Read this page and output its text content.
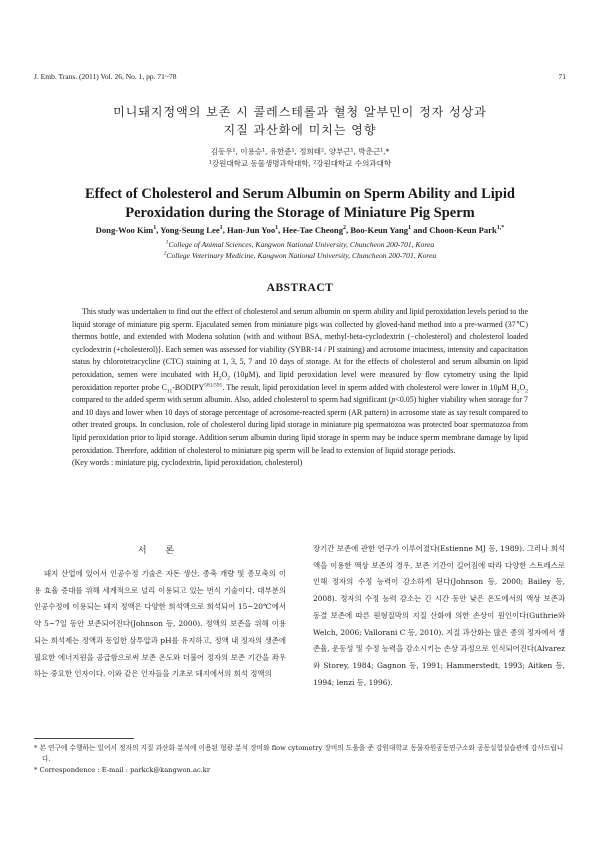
J. Emb. Trans. (2011) Vol. 26, No. 1, pp. 71~78	71
미니돼지정액의 보존 시 콜레스테롤과 혈청 알부민이 정자 성상과
지질 과산화에 미치는 영향
김동우¹, 이용승¹, 유한준¹, 정희태², 양부근¹, 박춘근¹,*
¹강원대학교 동물생명과학대학, ²강원대학교 수의과대학
Effect of Cholesterol and Serum Albumin on Sperm Ability and Lipid
Peroxidation during the Storage of Miniature Pig Sperm
Dong-Woo Kim$^1$, Yong-Seung Lee$^1$, Han-Jun Yoo$^1$, Hee-Tae Cheong$^2$, Boo-Keun Yang$^1$ and Choon-Keun Park$^{1,*}$
$^1$College of Animal Sciences, Kangwon National University, Chuncheon 200-701, Korea
$^2$College Veterinary Medicine, Kangwon National University, Chuncheon 200-701, Korea
ABSTRACT

This study was undertaken to find out the effect of cholesterol and serum albumin on sperm ability and lipid peroxidation levels period to the liquid storage of miniature pig sperm. Ejaculated semen from miniature pigs was collected by gloved-hand method into a pre-warmed (37℃) thermos bottle, and extended with Modena solution (with and without BSA, methyl-beta-cyclodextrin (−cholesterol) and cholesterol loaded cyclodextrin (+cholesterol)}. Each semen was assessed for viability (SYBR-14 / PI staining) and acrosome intactness, intensity and capacitation status by chlorotetracycline (CTC) staining at 1, 3, 5, 7 and 10 days of storage. At for the effects of cholesterol and serum albumin on lipid peroxidation, semen were incubated with $H_2O_2$ (10μM), and lipid peroxidation level were measured by flow cytometry using the lipid peroxidation reporter probe $C_{11}-BODIPY^{581/591}$. The result, lipid peroxidation level in sperm added with cholesterol were lower in 10μM $H_2O_2$ compared to the added sperm with serum albumin. Also, added cholesterol to sperm had significant (p<0.05) higher viability when storage for 7 and 10 days and lower when 10 days of storage percentage of acrosome-reacted sperm (AR pattern) in acrosome state as say result compared to other treated groups. In conclusion, role of cholesterol during lipid storage in miniature pig spermatozoa was protected boar spermatozoa from lipid peroxidation prior to lipid storage. Addition serum albumin during lipid storage in sperm may be induce sperm membrane damage by lipid peroxidation. Therefore, addition of cholesterol to miniature pig sperm will be lead to extension of liquid storage periods.

(Key words : miniature pig, cyclodextrin, lipid peroxidation, cholesterol)

서 론

돼지 산업에 있어서 인공수정 기술은 자돈 생산, 종축 개량 및 종모축의 이용 효율 증대를 위해 세계적으로 널리 이용되고 있는 번식 기술이다. 대부분의 인공수정에 이용되는 돼지 정액은 다양한 희석액으로 희석되어 15~20℃에서 약 5~7일 동안 보존되어진다(Johnson 등, 2000). 정액의 보존을 위해 이용되는 희석제는 정액과 동일한 삼투압과 pH를 유지하고, 정액 내 정자의 생존에 필요한 에너지원을 공급함으로써 보존 온도와 더불어 정자의 보존 기간을 좌우하는 중요한 인자이다. 이와 같은 인자들을 기초로 돼지에서의 희석 정액의

장기간 보존에 관한 연구가 이루어졌다(Estienne MJ 등, 1989). 그러나 희석액을 이용한 액상 보존의 경우, 보존 기간이 길어짐에 따라 다양한 스트레스로 인해 정자의 수정 능력이 감소하게 된다(Johnson 등, 2000; Bailey 등, 2008). 정자의 수정 능력 감소는 긴 시간 동안 낮은 온도에서의 액상 보존과 동결 보존에 따른 원형질막의 지질 산화에 의한 손상이 원인이다(Guthrie와 Welch, 2006; Vallorani C 등, 2010). 지질 과산화는 많은 종의 정자에서 생존율, 운동성 및 수정 능력을 감소시키는 손상 과정으로 인식되어진다(Alvarez와 Storey, 1984; Gagnon 등, 1991; Hammerstedt, 1993; Aitken 등, 1994; lenzi 등, 1996).

* 본 연구에 수행하는 있어서 정자의 지질 과산화 분석에 이용된 형광 분석 장비와 flow cytometry 장비의 도움을 준 강원대학교 동물자원공동연구소와 공동실험실습관에 감사드립니다.

* Correspondence : E-mail : parkck@kangwon.ac.kr
